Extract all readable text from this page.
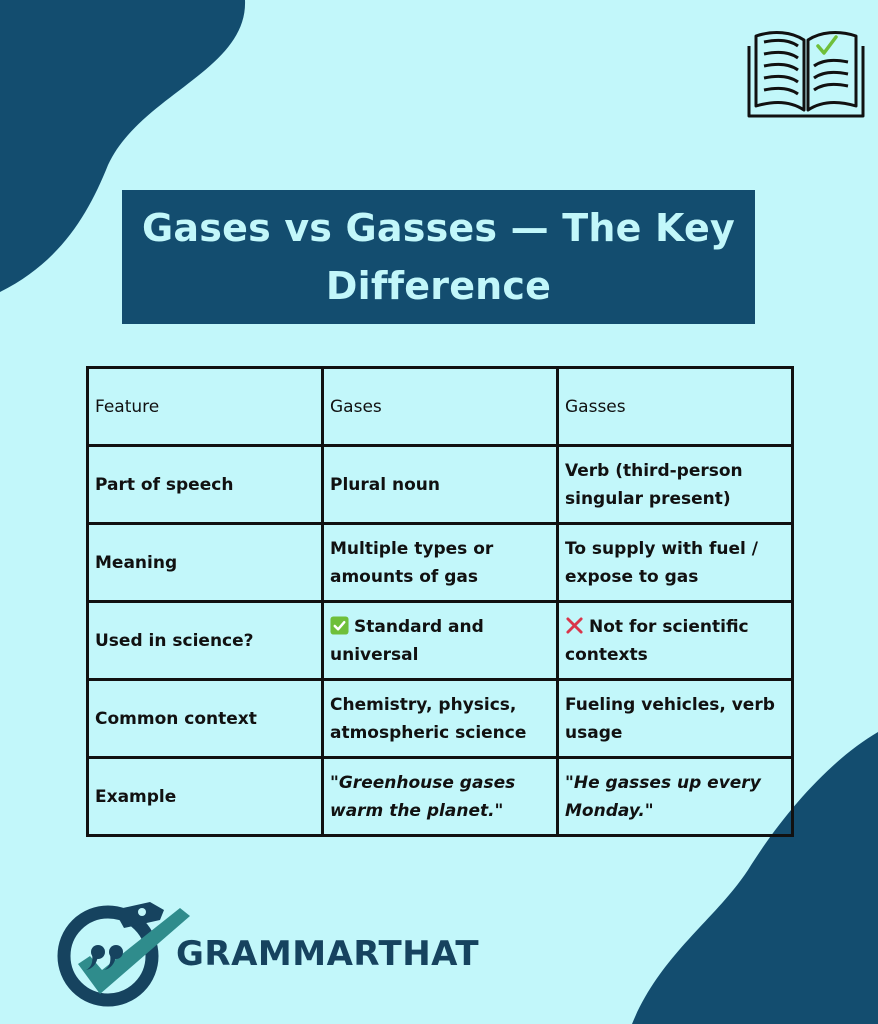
Gases vs Gasses — The Key Difference
Feature	Gases	Gasses
Part of speech	Plural noun	Verb (third-person singular present)
Meaning	Multiple types or amounts of gas	To supply with fuel / expose to gas
Used in science?	Standard and universal	Not for scientific contexts
Common context	Chemistry, physics, atmospheric science	Fueling vehicles, verb usage
Example	"Greenhouse gases warm the planet."	"He gasses up every Monday."
GRAMMARTHAT
